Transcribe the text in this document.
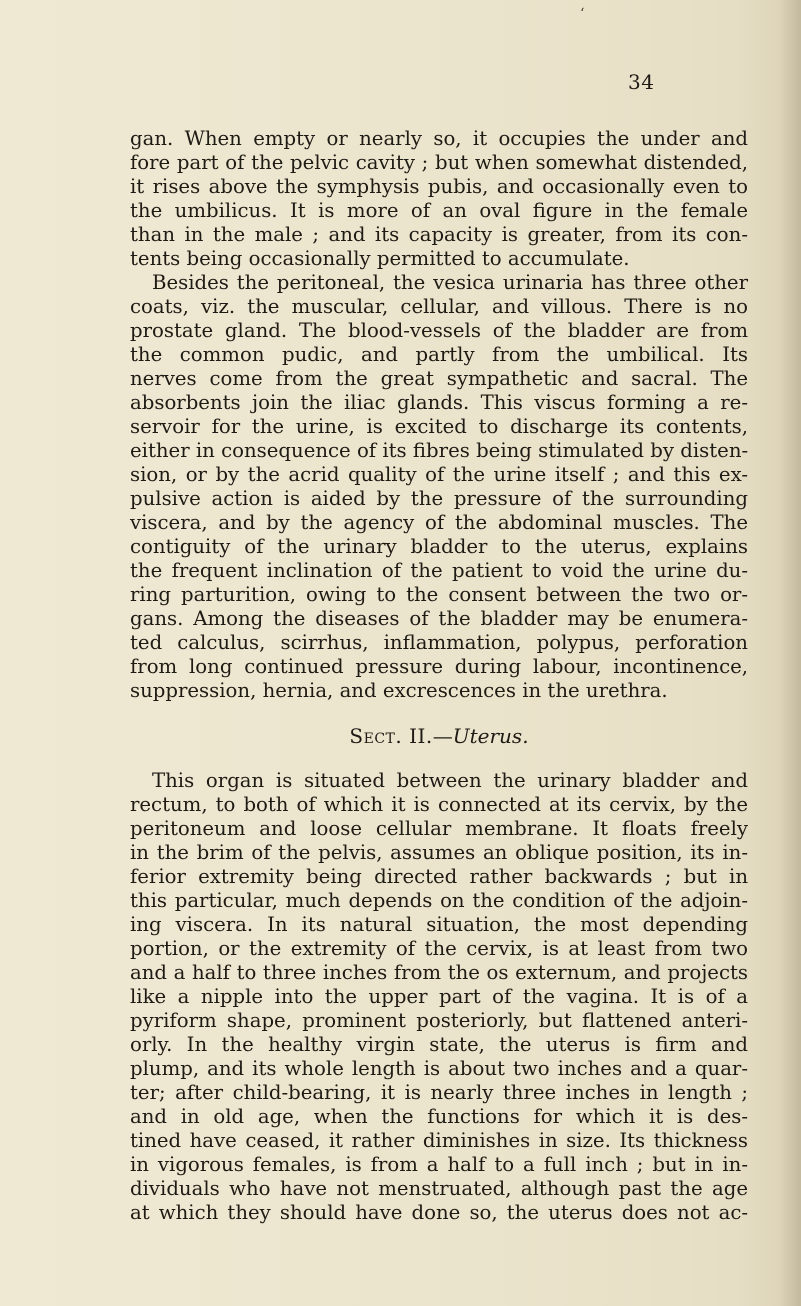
‘
34
gan. When empty or nearly so, it occupies the under and
fore part of the pelvic cavity ; but when somewhat distended,
it rises above the symphysis pubis, and occasionally even to
the umbilicus. It is more of an oval figure in the female
than in the male ; and its capacity is greater, from its con-
tents being occasionally permitted to accumulate.
Besides the peritoneal, the vesica urinaria has three other
coats, viz. the muscular, cellular, and villous. There is no
prostate gland. The blood-vessels of the bladder are from
the common pudic, and partly from the umbilical. Its
nerves come from the great sympathetic and sacral. The
absorbents join the iliac glands. This viscus forming a re-
servoir for the urine, is excited to discharge its contents,
either in consequence of its fibres being stimulated by disten-
sion, or by the acrid quality of the urine itself ; and this ex-
pulsive action is aided by the pressure of the surrounding
viscera, and by the agency of the abdominal muscles. The
contiguity of the urinary bladder to the uterus, explains
the frequent inclination of the patient to void the urine du-
ring parturition, owing to the consent between the two or-
gans. Among the diseases of the bladder may be enumera-
ted calculus, scirrhus, inflammation, polypus, perforation
from long continued pressure during labour, incontinence,
suppression, hernia, and excrescences in the urethra.
Sect. II.—Uterus.
This organ is situated between the urinary bladder and
rectum, to both of which it is connected at its cervix, by the
peritoneum and loose cellular membrane. It floats freely
in the brim of the pelvis, assumes an oblique position, its in-
ferior extremity being directed rather backwards ; but in
this particular, much depends on the condition of the adjoin-
ing viscera. In its natural situation, the most depending
portion, or the extremity of the cervix, is at least from two
and a half to three inches from the os externum, and projects
like a nipple into the upper part of the vagina. It is of a
pyriform shape, prominent posteriorly, but flattened anteri-
orly. In the healthy virgin state, the uterus is firm and
plump, and its whole length is about two inches and a quar-
ter; after child-bearing, it is nearly three inches in length ;
and in old age, when the functions for which it is des-
tined have ceased, it rather diminishes in size. Its thickness
in vigorous females, is from a half to a full inch ; but in in-
dividuals who have not menstruated, although past the age
at which they should have done so, the uterus does not ac-
